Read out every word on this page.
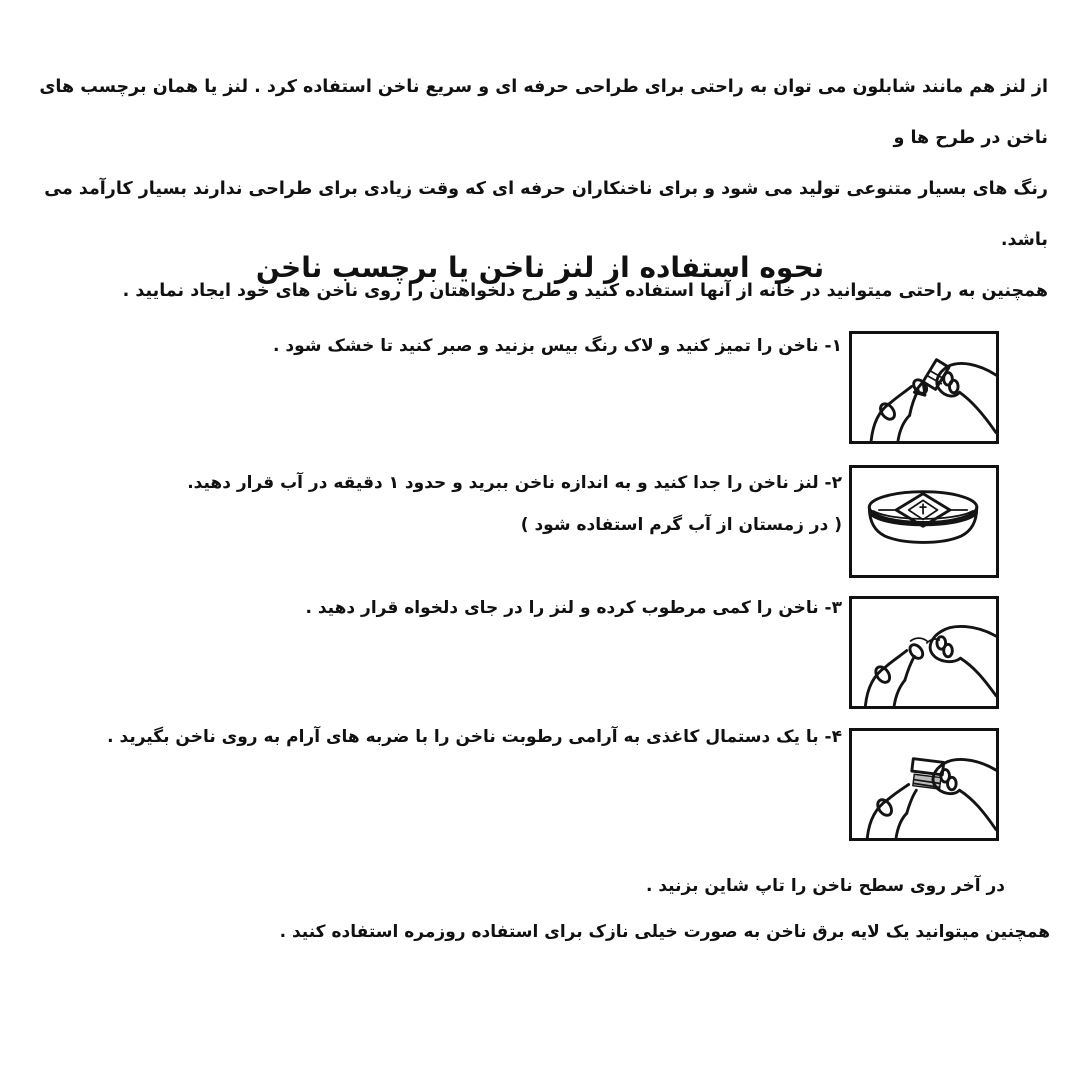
از لنز هم مانند شابلون می توان به راحتی برای طراحی حرفه ای و سریع ناخن استفاده کرد . لنز یا همان برچسب های ناخن در طرح ها و
رنگ های بسیار متنوعی تولید می شود و برای ناخنکاران حرفه ای که وقت زیادی برای طراحی ندارند بسیار کارآمد می باشد.
همچنین به راحتی میتوانید در خانه از آنها استفاده کنید و طرح دلخواهتان را روی ناخن های خود ایجاد نمایید .
نحوه استفاده از لنز ناخن یا برچسب ناخن
۱- ناخن را تمیز کنید و لاک رنگ بیس بزنید و صبر کنید تا خشک شود .
۲- لنز ناخن را جدا کنید و به اندازه ناخن ببرید و حدود ۱ دقیقه در آب قرار دهید.
( در زمستان از آب گرم استفاده شود )
۳- ناخن را کمی مرطوب کرده و لنز را در جای دلخواه قرار دهید .
۴- با یک دستمال کاغذی به آرامی رطوبت ناخن را با ضربه های آرام به روی ناخن بگیرید .
در آخر روی سطح ناخن را تاپ شاین بزنید .
همچنین میتوانید یک لایه برق ناخن به صورت خیلی نازک برای استفاده روزمره استفاده کنید .
